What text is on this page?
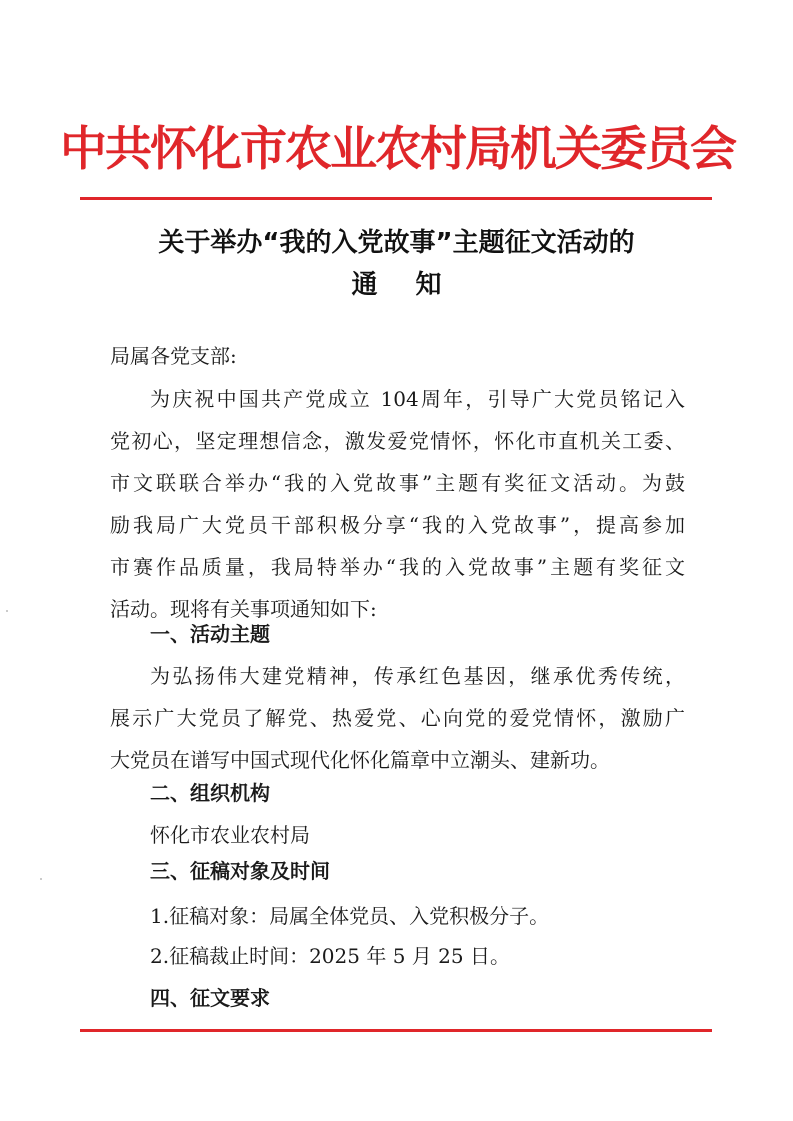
中共怀化市农业农村局机关委员会
关于举办“我的入党故事”主题征文活动的
通知
局属各党支部:
为庆祝中国共产党成立 104周年，引导广大党员铭记入
党初心，坚定理想信念，激发爱党情怀，怀化市直机关工委、
市文联联合举办“我的入党故事”主题有奖征文活动。为鼓
励我局广大党员干部积极分享“我的入党故事”，提高参加
市赛作品质量，我局特举办“我的入党故事”主题有奖征文
活动。现将有关事项通知如下:
一、活动主题
为弘扬伟大建党精神，传承红色基因，继承优秀传统，
展示广大党员了解党、热爱党、心向党的爱党情怀，激励广
大党员在谱写中国式现代化怀化篇章中立潮头、建新功。
二、组织机构
怀化市农业农村局
三、征稿对象及时间
1.征稿对象：局属全体党员、入党积极分子。
2.征稿裁止时间：2025 年 5 月 25 日。
四、征文要求
